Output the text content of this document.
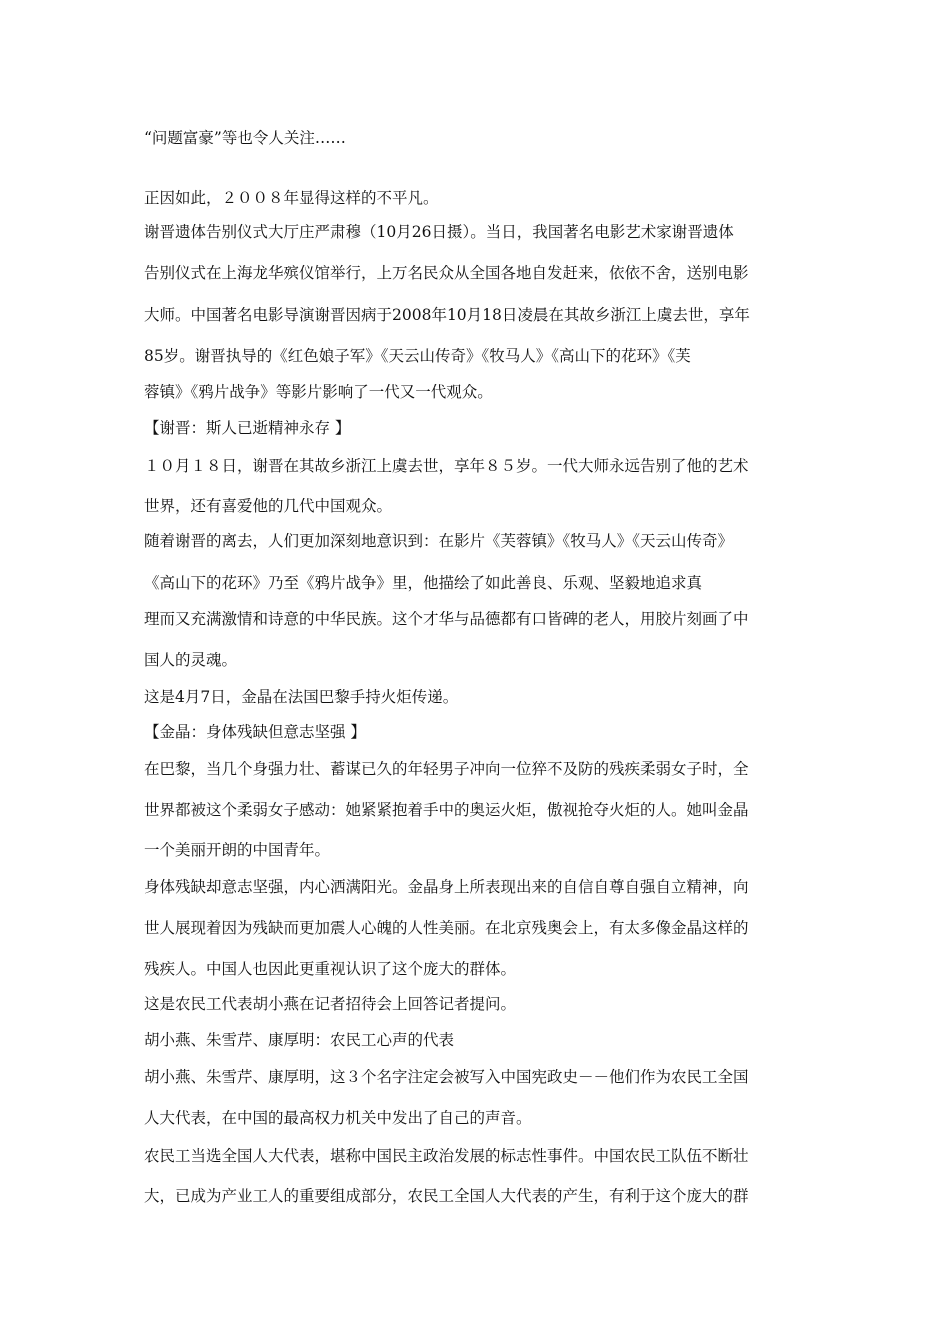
“问题富豪”等也令人关注……
正因如此，２００８年显得这样的不平凡。
谢晋遗体告别仪式大厅庄严肃穆（10月26日摄）。当日，我国著名电影艺术家谢晋遗体
告别仪式在上海龙华殡仪馆举行，上万名民众从全国各地自发赶来，依依不舍，送别电影
大师。中国著名电影导演谢晋因病于2008年10月18日凌晨在其故乡浙江上虞去世，享年
85岁。谢晋执导的《红色娘子军》《天云山传奇》《牧马人》《高山下的花环》《芙
蓉镇》《鸦片战争》等影片影响了一代又一代观众。
【谢晋：斯人已逝精神永存 】
１０月１８日，谢晋在其故乡浙江上虞去世，享年８５岁。一代大师永远告别了他的艺术
世界，还有喜爱他的几代中国观众。
随着谢晋的离去，人们更加深刻地意识到：在影片《芙蓉镇》《牧马人》《天云山传奇》
《高山下的花环》乃至《鸦片战争》里，他描绘了如此善良、乐观、坚毅地追求真
理而又充满激情和诗意的中华民族。这个才华与品德都有口皆碑的老人，用胶片刻画了中
国人的灵魂。
这是4月7日，金晶在法国巴黎手持火炬传递。
【金晶：身体残缺但意志坚强 】
在巴黎，当几个身强力壮、蓄谋已久的年轻男子冲向一位猝不及防的残疾柔弱女子时，全
世界都被这个柔弱女子感动：她紧紧抱着手中的奥运火炬，傲视抢夺火炬的人。她叫金晶
一个美丽开朗的中国青年。
身体残缺却意志坚强，内心洒满阳光。金晶身上所表现出来的自信自尊自强自立精神，向
世人展现着因为残缺而更加震人心魄的人性美丽。在北京残奥会上，有太多像金晶这样的
残疾人。中国人也因此更重视认识了这个庞大的群体。
这是农民工代表胡小燕在记者招待会上回答记者提问。
胡小燕、朱雪芹、康厚明：农民工心声的代表
胡小燕、朱雪芹、康厚明，这３个名字注定会被写入中国宪政史－－他们作为农民工全国
人大代表，在中国的最高权力机关中发出了自己的声音。
农民工当选全国人大代表，堪称中国民主政治发展的标志性事件。中国农民工队伍不断壮
大，已成为产业工人的重要组成部分，农民工全国人大代表的产生，有利于这个庞大的群
